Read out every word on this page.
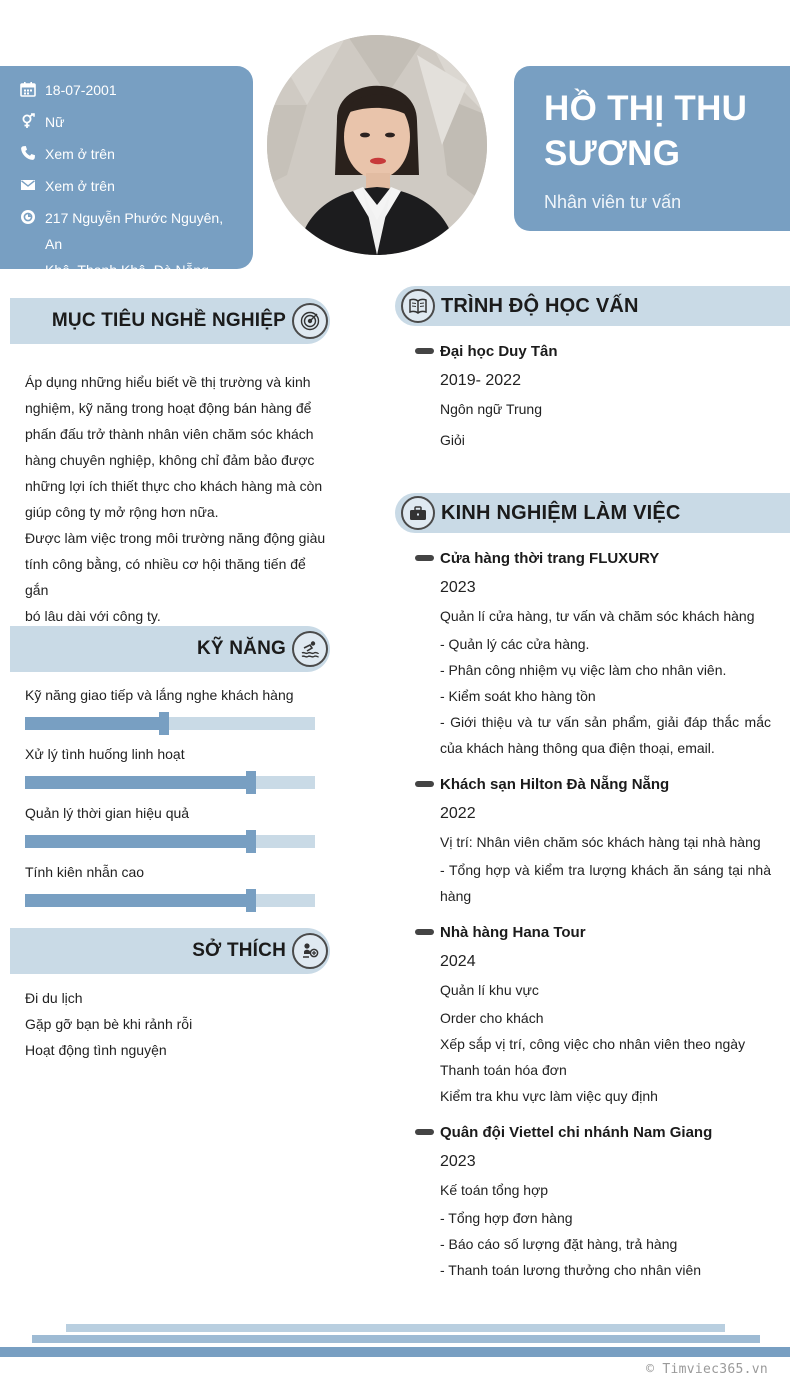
18-07-2001
Nữ
Xem ở trên
Xem ở trên
217 Nguyễn Phước Nguyên, An
Khê, Thanh Khê, Đà Nẵng
HỒ THỊ THU
SƯƠNG
Nhân viên tư vấn
MỤC TIÊU NGHỀ NGHIỆP
Áp dụng những hiểu biết về thị trường và kinh
nghiệm, kỹ năng trong hoạt động bán hàng để
phấn đấu trở thành nhân viên chăm sóc khách
hàng chuyên nghiệp, không chỉ đảm bảo được
những lợi ích thiết thực cho khách hàng mà còn
giúp công ty mở rộng hơn nữa.
Được làm việc trong môi trường năng động giàu
tính công bằng, có nhiều cơ hội thăng tiến để gắn
bó lâu dài với công ty.
KỸ NĂNG
Kỹ năng giao tiếp và lắng nghe khách hàng
Xử lý tình huống linh hoạt
Quản lý thời gian hiệu quả
Tính kiên nhẫn cao
SỞ THÍCH
Đi du lịch
Gặp gỡ bạn bè khi rảnh rỗi
Hoạt động tình nguyện
TRÌNH ĐỘ HỌC VẤN
Đại học Duy Tân
2019- 2022
Ngôn ngữ Trung
Giỏi
KINH NGHIỆM LÀM VIỆC
Cửa hàng thời trang FLUXURY
2023
Quản lí cửa hàng, tư vấn và chăm sóc khách hàng
- Quản lý các cửa hàng.
- Phân công nhiệm vụ việc làm cho nhân viên.
- Kiểm soát kho hàng tồn
- Giới thiệu và tư vấn sản phẩm, giải đáp thắc mắc của khách hàng thông qua điện thoại, email.
Khách sạn Hilton Đà Nẵng Nẵng
2022
Vị trí: Nhân viên chăm sóc khách hàng tại nhà hàng
- Tổng hợp và kiểm tra lượng khách ăn sáng tại nhà hàng
Nhà hàng Hana Tour
2024
Quản lí khu vực
Order cho khách
Xếp sắp vị trí, công việc cho nhân viên theo ngày
Thanh toán hóa đơn
Kiểm tra khu vực làm việc quy định
Quân đội Viettel chi nhánh Nam Giang
2023
Kế toán tổng hợp
- Tổng hợp đơn hàng
- Báo cáo số lượng đặt hàng, trả hàng
- Thanh toán lương thưởng cho nhân viên
© Timviec365.vn
